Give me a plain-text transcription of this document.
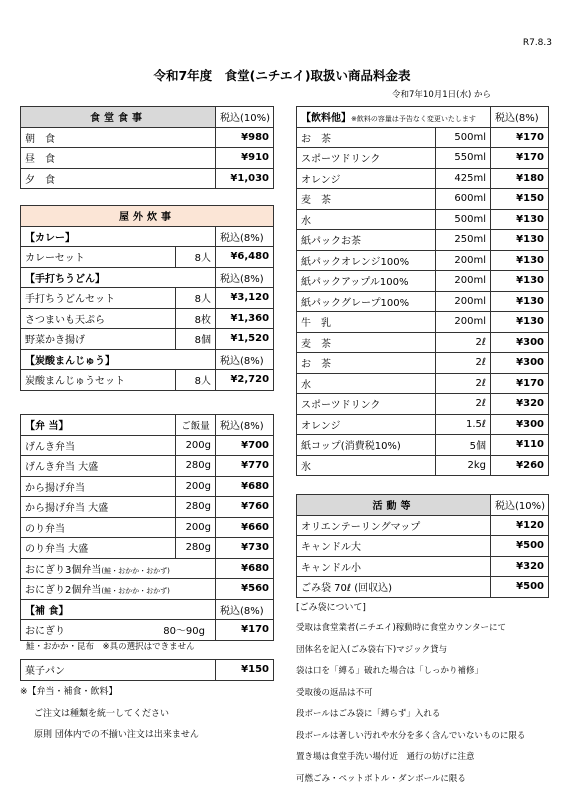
R7.8.3
令和7年度　食堂(ニチエイ)取扱い商品料金表
令和7年10月1日(水) から
食堂食事	税込(10%)
朝　食	¥980
昼　食	¥910
夕　食	¥1,030
屋外炊事		
【カレー】		税込(8%)
カレーセット	8人	¥6,480
【手打ちうどん】		税込(8%)
手打ちうどんセット	8人	¥3,120
さつまいも天ぷら	8枚	¥1,360
野菜かき揚げ	8個	¥1,520
【炭酸まんじゅう】		税込(8%)
炭酸まんじゅうセット	8人	¥2,720
【弁 当】	ご飯量	税込(8%)
げんき弁当	200g	¥700
げんき弁当 大盛	280g	¥770
から揚げ弁当	200g	¥680
から揚げ弁当 大盛	280g	¥760
のり弁当	200g	¥660
のり弁当 大盛	280g	¥730
おにぎり3個弁当(鮭・おかか・おかず)		¥680
おにぎり2個弁当(鮭・おかか・おかず)		¥560
【補 食】		税込(8%)
おにぎり 80～90g		¥170
鮭・おかか・昆布　※具の選択はできません
菓子パン	¥150
※【弁当・補食・飲料】
ご注文は種類を統一してください
原則 団体内での不揃い注文は出来ません
【飲料他】※飲料の容量は予告なく変更いたします		税込(8%)
お　茶	500ml	¥170
スポーツドリンク	550ml	¥170
オレンジ	425ml	¥180
麦　茶	600ml	¥150
水	500ml	¥130
紙パックお茶	250ml	¥130
紙パックオレンジ100%	200ml	¥130
紙パックアップル100%	200ml	¥130
紙パックグレープ100%	200ml	¥130
牛　乳	200ml	¥130
麦　茶	2ℓ	¥300
お　茶	2ℓ	¥300
水	2ℓ	¥170
スポーツドリンク	2ℓ	¥320
オレンジ	1.5ℓ	¥300
紙コップ(消費税10%)	5個	¥110
氷	2kg	¥260
活動等	税込(10%)
オリエンテーリングマップ	¥120
キャンドル大	¥500
キャンドル小	¥320
ごみ袋 70ℓ (回収込)	¥500
[ごみ袋について]
受取は食堂業者(ニチエイ)稼動時に食堂カウンターにて
団体名を記入(ごみ袋右下)マジック貸与
袋は口を「縛る」破れた場合は「しっかり補修」
受取後の返品は不可
段ボールはごみ袋に「縛らず」入れる
段ボールは著しい汚れや水分を多く含んでいないものに限る
置き場は食堂手洗い場付近　通行の妨げに注意
可燃ごみ・ペットボトル・ダンボールに限る
